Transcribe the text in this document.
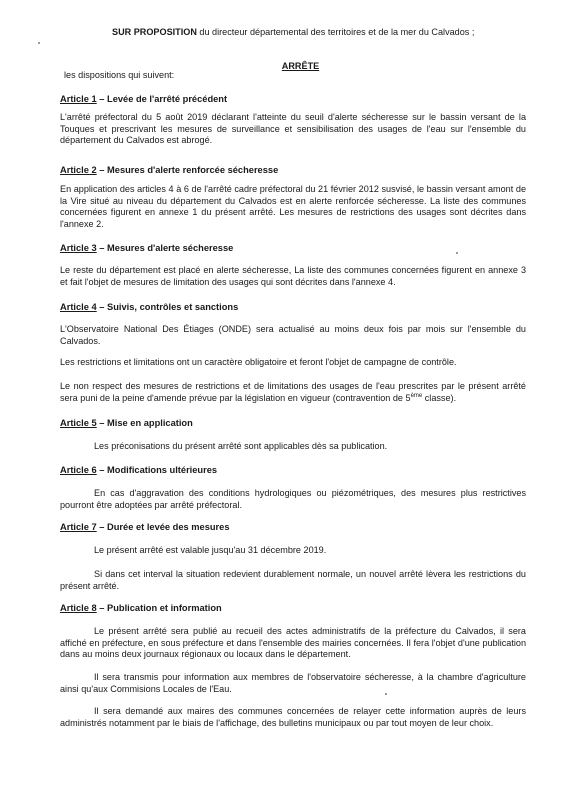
SUR PROPOSITION du directeur départemental des territoires et de la mer du Calvados ;
ARRÊTE
les dispositions qui suivent:
Article 1 – Levée de l'arrêté précédent
L'arrêté préfectoral du 5 août 2019 déclarant l'atteinte du seuil d'alerte sécheresse sur le bassin versant de la Touques et prescrivant les mesures de surveillance et sensibilisation des usages de l'eau sur l'ensemble du département du Calvados est abrogé.
Article 2 – Mesures d'alerte renforcée sécheresse
En application des articles 4 à 6 de l'arrêté cadre préfectoral du 21 février 2012 susvisé, le bassin versant amont de la Vire situé au niveau du département du Calvados est en alerte renforcée sécheresse. La liste des communes concernées figurent en annexe 1 du présent arrêté. Les mesures de restrictions des usages sont décrites dans l'annexe 2.
Article 3 – Mesures d'alerte sécheresse
Le reste du département est placé en alerte sécheresse, La liste des communes concernées figurent en annexe 3 et fait l'objet de mesures de limitation des usages qui sont décrites dans l'annexe 4.
Article 4 – Suivis, contrôles et sanctions
L'Observatoire National Des Étiages (ONDE) sera actualisé au moins deux fois par mois sur l'ensemble du Calvados.
Les restrictions et limitations ont un caractère obligatoire et feront l'objet de campagne de contrôle.
Le non respect des mesures de restrictions et de limitations des usages de l'eau prescrites par le présent arrêté sera puni de la peine d'amende prévue par la législation en vigueur (contravention de 5ème classe).
Article 5 – Mise en application
Les préconisations du présent arrêté sont applicables dès sa publication.
Article 6 – Modifications ultérieures
En cas d'aggravation des conditions hydrologiques ou piézométriques, des mesures plus restrictives pourront être adoptées par arrêté préfectoral.
Article 7 – Durée et levée des mesures
Le présent arrêté est valable jusqu'au 31 décembre 2019.
Si dans cet interval la situation redevient durablement normale, un nouvel arrêté lèvera les restrictions du présent arrêté.
Article 8 – Publication et information
Le présent arrêté sera publié au recueil des actes administratifs de la préfecture du Calvados, il sera affiché en préfecture, en sous préfecture et dans l'ensemble des mairies concernées. Il fera l'objet d'une publication dans au moins deux journaux régionaux ou locaux dans le département.
Il sera transmis pour information aux membres de l'observatoire sécheresse, à la chambre d'agriculture ainsi qu'aux Commisions Locales de l'Eau.
Il sera demandé aux maires des communes concernées de relayer cette information auprès de leurs administrés notamment par le biais de l'affichage, des bulletins municipaux ou par tout moyen de leur choix.
